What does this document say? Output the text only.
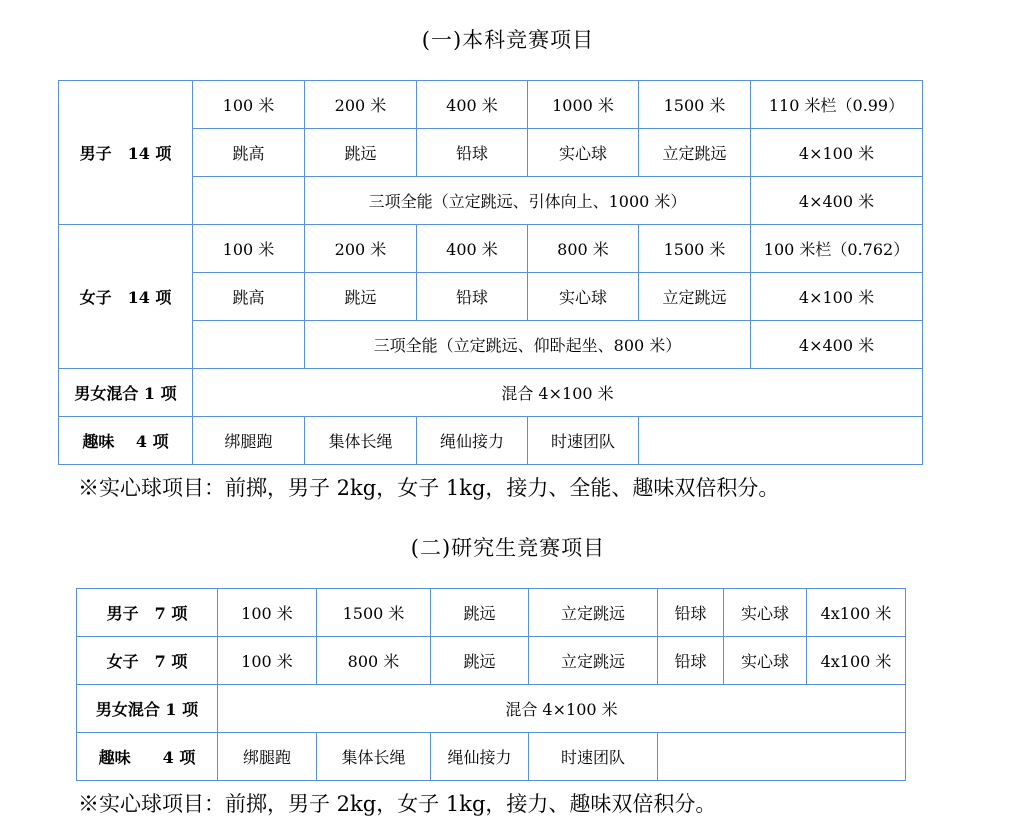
(一)本科竞赛项目
男子　14 项	100 米	200 米	400 米	1000 米	1500 米	110 米栏（0.99）
	跳高	跳远	铅球	实心球	立定跳远	4×100 米
		三项全能（立定跳远、引体向上、1000 米）				4×400 米
女子　14 项	100 米	200 米	400 米	800 米	1500 米	100 米栏（0.762）
	跳高	跳远	铅球	实心球	立定跳远	4×100 米
		三项全能（立定跳远、仰卧起坐、800 米）				4×400 米
男女混合 1 项	混合 4×100 米					
趣味　 4 项	绑腿跑	集体长绳	绳仙接力	时速团队		
※实心球项目：前掷，男子 2kg，女子 1kg，接力、全能、趣味双倍积分。
(二)研究生竞赛项目
男子　7 项	100 米	1500 米	跳远	立定跳远	铅球	实心球	4x100 米
女子　7 项	100 米	800 米	跳远	立定跳远	铅球	实心球	4x100 米
男女混合 1 项	混合 4×100 米						
趣味　　4 项	绑腿跑	集体长绳	绳仙接力	时速团队			
※实心球项目：前掷，男子 2kg，女子 1kg，接力、趣味双倍积分。
